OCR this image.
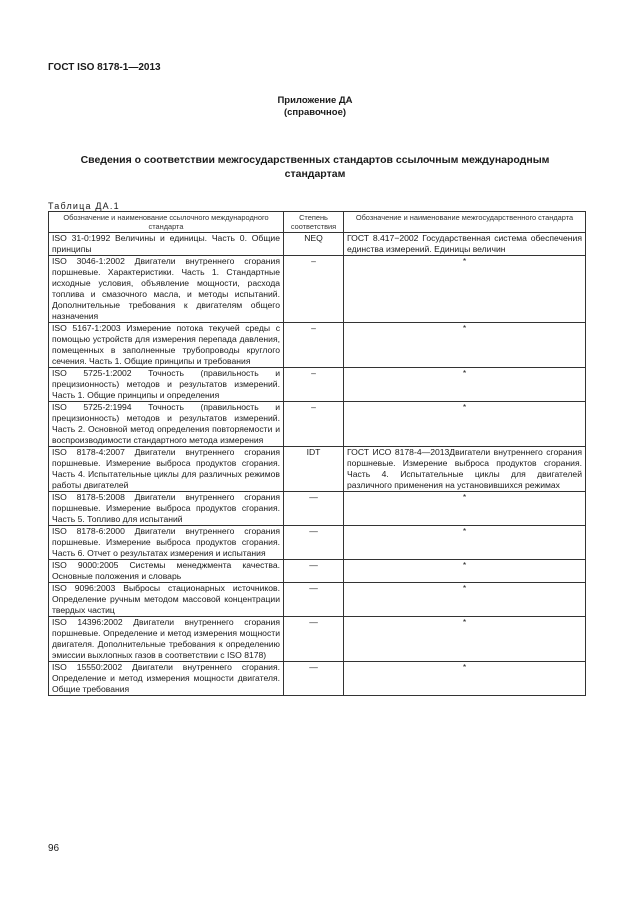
ГОСТ ISO 8178-1—2013
Приложение ДА
(справочное)
Сведения о соответствии межгосударственных стандартов ссылочным международным стандартам
Таблица ДА.1
Обозначение и наименование ссылочного международного стандарта	Степень соответствия	Обозначение и наименование межгосударственного стандарта
ISO 31-0:1992 Величины и единицы. Часть 0. Общие принципы	NEQ	ГОСТ 8.417−2002 Государственная система обеспечения единства измерений. Единицы величин
ISO 3046-1:2002 Двигатели внутреннего сгорания поршневые. Характеристики. Часть 1. Стандартные исходные условия, объявление мощности, расхода топлива и смазочного масла, и методы испытаний. Дополнительные требования к двигателям общего назначения	–	*

ISO 5167-1:2003 Измерение потока текучей среды с помощью устройств для измерения перепада давления, помещенных в заполненные трубопроводы круглого сечения. Часть 1. Общие принципы и требования	–	*

ISO 5725-1:2002 Точность (правильность и прецизионность) методов и результатов измерений. Часть 1. Общие принципы и определения	–	*

ISO 5725-2:1994 Точность (правильность и прецизионность) методов и результатов измерений. Часть 2. Основной метод определения повторяемости и воспроизводимости стандартного метода измерения	–	*

ISO 8178-4:2007 Двигатели внутреннего сгорания поршневые. Измерение выброса продуктов сгорания. Часть 4. Испытательные циклы для различных режимов работы двигателей	IDT	ГОСТ ИСО 8178-4—2013Двигатели внутреннего сгорания поршневые. Измерение выброса продуктов сгорания. Часть 4. Испытательные циклы для двигателей различного применения на установившихся режимах
ISO 8178-5:2008 Двигатели внутреннего сгорания поршневые. Измерение выброса продуктов сгорания. Часть 5. Топливо для испытаний	—	*

ISO 8178-6:2000 Двигатели внутреннего сгорания поршневые. Измерение выброса продуктов сгорания. Часть 6. Отчет о результатах измерения и испытания	—	*

ISO 9000:2005 Системы менеджмента качества. Основные положения и словарь	—	*

ISO 9096:2003 Выбросы стационарных источников. Определение ручным методом массовой концентрации твердых частиц	—	*

ISO 14396:2002 Двигатели внутреннего сгорания поршневые. Определение и метод измерения мощности двигателя. Дополнительные требования к определению эмиссии выхлопных газов в соответствии с ISO 8178)	—	*

ISO 15550:2002 Двигатели внутреннего сгорания. Определение и метод измерения мощности двигателя. Общие требования	—	*
96
